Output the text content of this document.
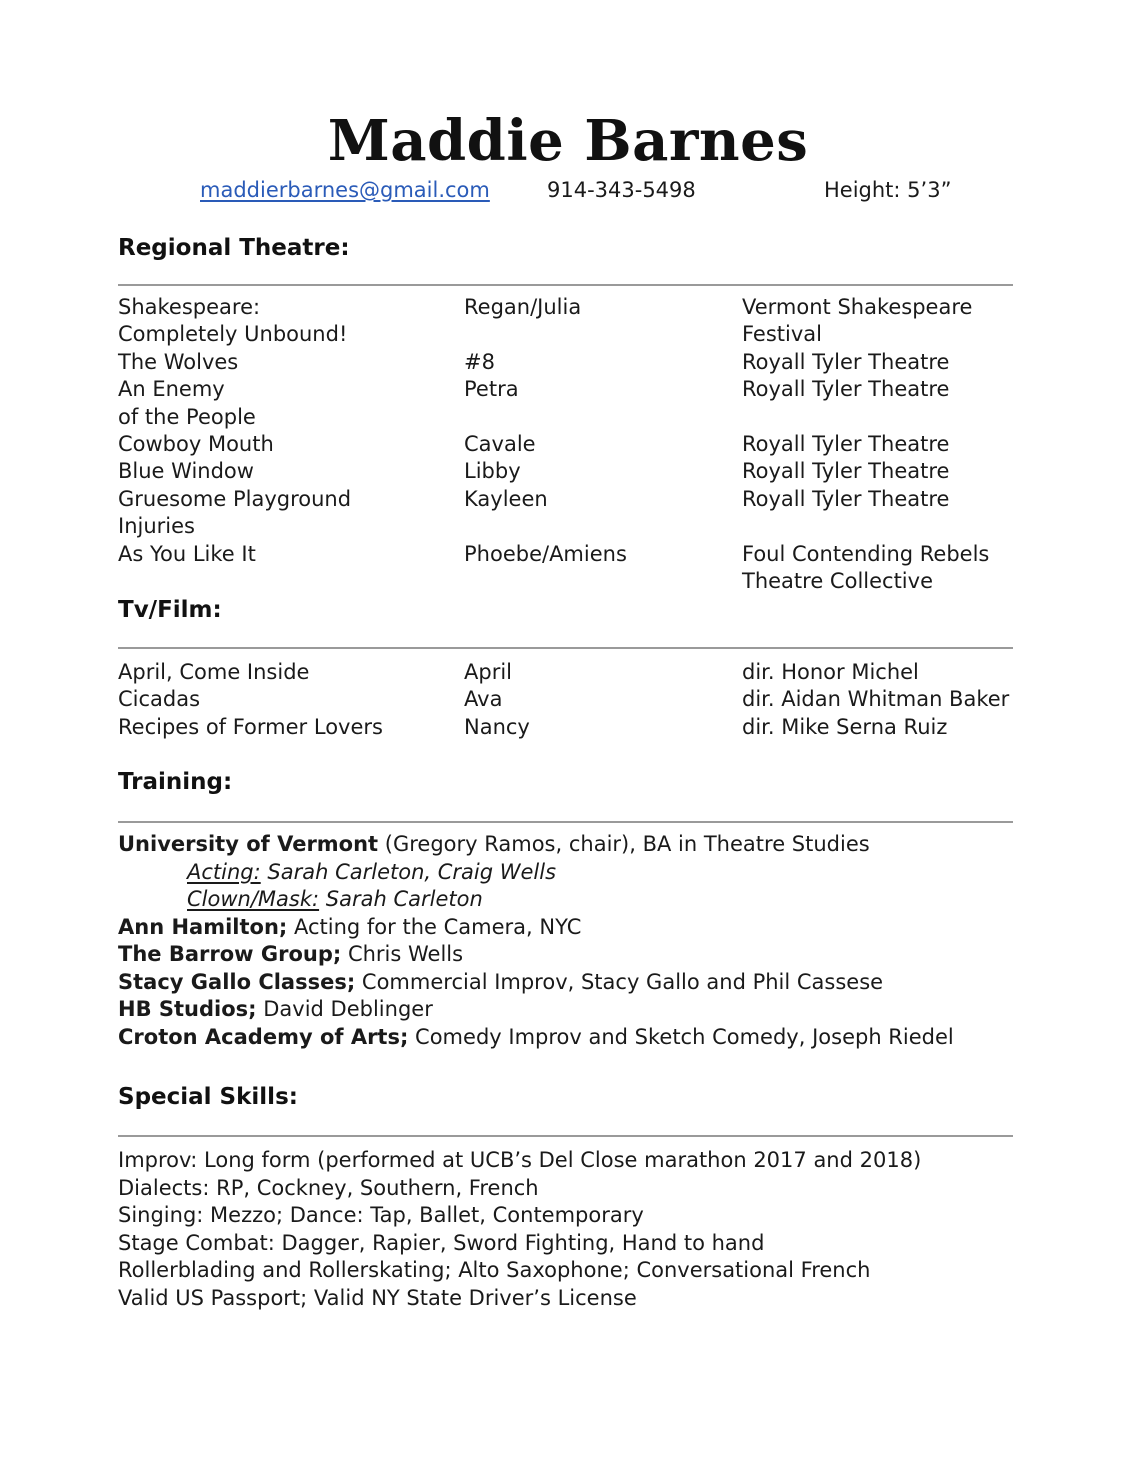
Maddie Barnes
maddierbarnes@gmail.com	914-343-5498	Height: 5’3”
Regional Theatre:
Shakespeare:
Completely Unbound!
The Wolves
An Enemy
of the People
Cowboy Mouth
Blue Window
Gruesome Playground
Injuries
As You Like It
Regan/Julia
#8
Petra
Cavale
Libby
Kayleen
Phoebe/Amiens
Vermont Shakespeare
Festival
Royall Tyler Theatre
Royall Tyler Theatre
Royall Tyler Theatre
Royall Tyler Theatre
Royall Tyler Theatre
Foul Contending Rebels
Theatre Collective
Tv/Film:
April, Come Inside
Cicadas
Recipes of Former Lovers
April
Ava
Nancy
dir. Honor Michel
dir. Aidan Whitman Baker
dir. Mike Serna Ruiz
Training:
University of Vermont (Gregory Ramos, chair), BA in Theatre Studies
Acting: Sarah Carleton, Craig Wells
Clown/Mask: Sarah Carleton
Ann Hamilton; Acting for the Camera, NYC
The Barrow Group; Chris Wells
Stacy Gallo Classes; Commercial Improv, Stacy Gallo and Phil Cassese
HB Studios; David Deblinger
Croton Academy of Arts; Comedy Improv and Sketch Comedy, Joseph Riedel
Special Skills:
Improv: Long form (performed at UCB’s Del Close marathon 2017 and 2018)
Dialects: RP, Cockney, Southern, French
Singing: Mezzo; Dance: Tap, Ballet, Contemporary
Stage Combat: Dagger, Rapier, Sword Fighting, Hand to hand
Rollerblading and Rollerskating; Alto Saxophone; Conversational French
Valid US Passport; Valid NY State Driver’s License
